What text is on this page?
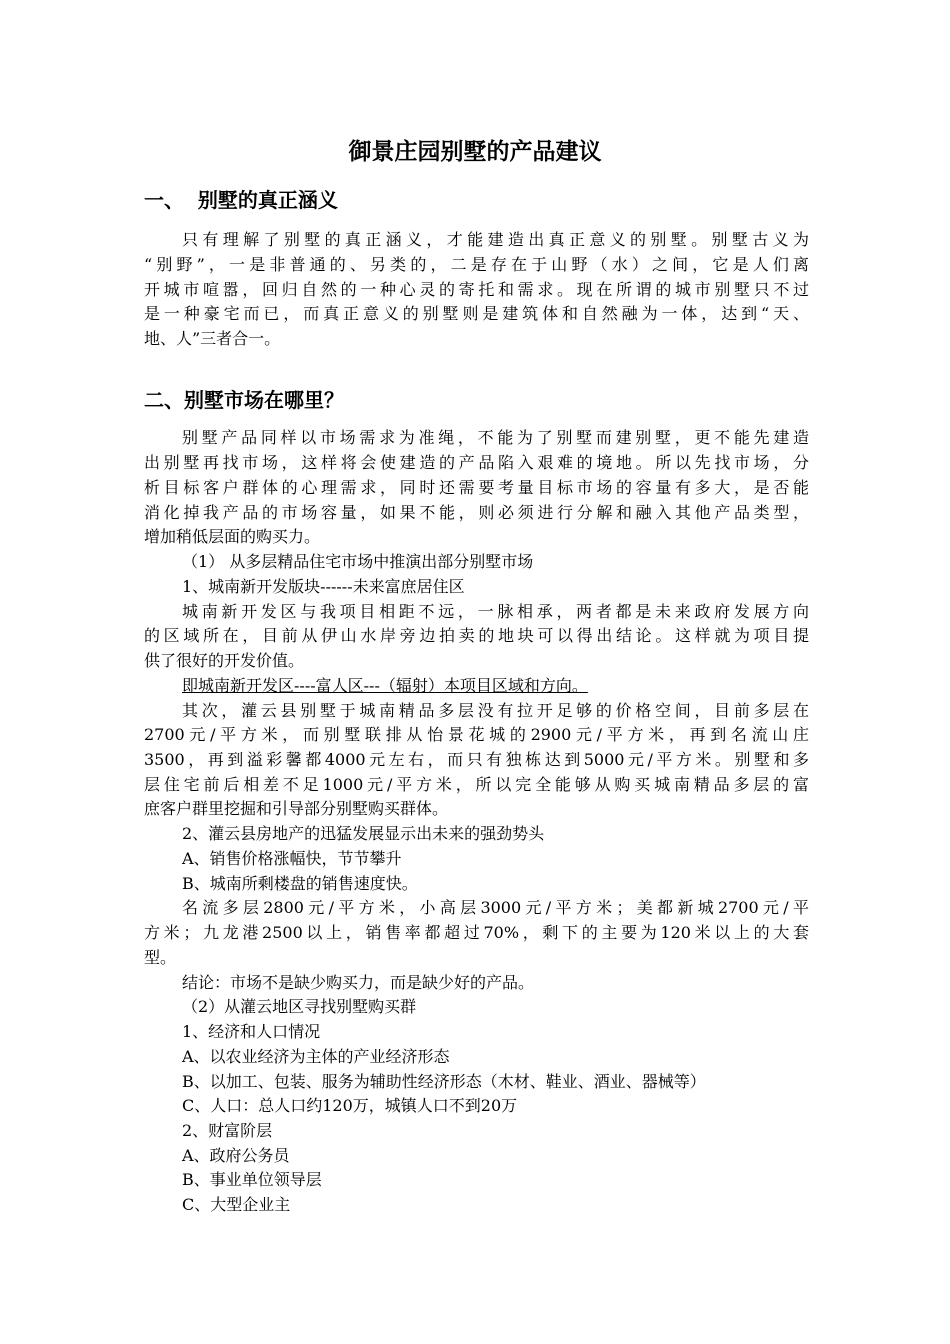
御景庄园别墅的产品建议
一、  别墅的真正涵义
只有理解了别墅的真正涵义，才能建造出真正意义的别墅。别墅古义为
“别野”，一是非普通的、另类的，二是存在于山野（水）之间，它是人们离
开城市喧嚣，回归自然的一种心灵的寄托和需求。现在所谓的城市别墅只不过
是一种豪宅而已，而真正意义的别墅则是建筑体和自然融为一体，达到“天、
地、人”三者合一。
二、别墅市场在哪里？
别墅产品同样以市场需求为准绳，不能为了别墅而建别墅，更不能先建造
出别墅再找市场，这样将会使建造的产品陷入艰难的境地。所以先找市场，分
析目标客户群体的心理需求，同时还需要考量目标市场的容量有多大，是否能
消化掉我产品的市场容量，如果不能，则必须进行分解和融入其他产品类型，
增加稍低层面的购买力。
（1） 从多层精品住宅市场中推演出部分别墅市场
1、城南新开发版块------未来富庶居住区
城南新开发区与我项目相距不远，一脉相承，两者都是未来政府发展方向
的区域所在，目前从伊山水岸旁边拍卖的地块可以得出结论。这样就为项目提
供了很好的开发价值。
即城南新开发区----富人区---（辐射）本项目区域和方向。
其次，灌云县别墅于城南精品多层没有拉开足够的价格空间，目前多层在
2700元/平方米，而别墅联排从怡景花城的2900元/平方米，再到名流山庄
3500，再到溢彩馨都4000元左右，而只有独栋达到5000元/平方米。别墅和多
层住宅前后相差不足1000元/平方米，所以完全能够从购买城南精品多层的富
庶客户群里挖掘和引导部分别墅购买群体。
2、灌云县房地产的迅猛发展显示出未来的强劲势头
A、销售价格涨幅快，节节攀升
B、城南所剩楼盘的销售速度快。
名流多层2800元/平方米，小高层3000元/平方米；美都新城2700元/平
方米；九龙港2500以上，销售率都超过70%，剩下的主要为120米以上的大套
型。
结论：市场不是缺少购买力，而是缺少好的产品。
（2）从灌云地区寻找别墅购买群
1、经济和人口情况
A、以农业经济为主体的产业经济形态
B、以加工、包装、服务为辅助性经济形态（木材、鞋业、酒业、器械等）
C、人口：总人口约120万，城镇人口不到20万
2、财富阶层
A、政府公务员
B、事业单位领导层
C、大型企业主
